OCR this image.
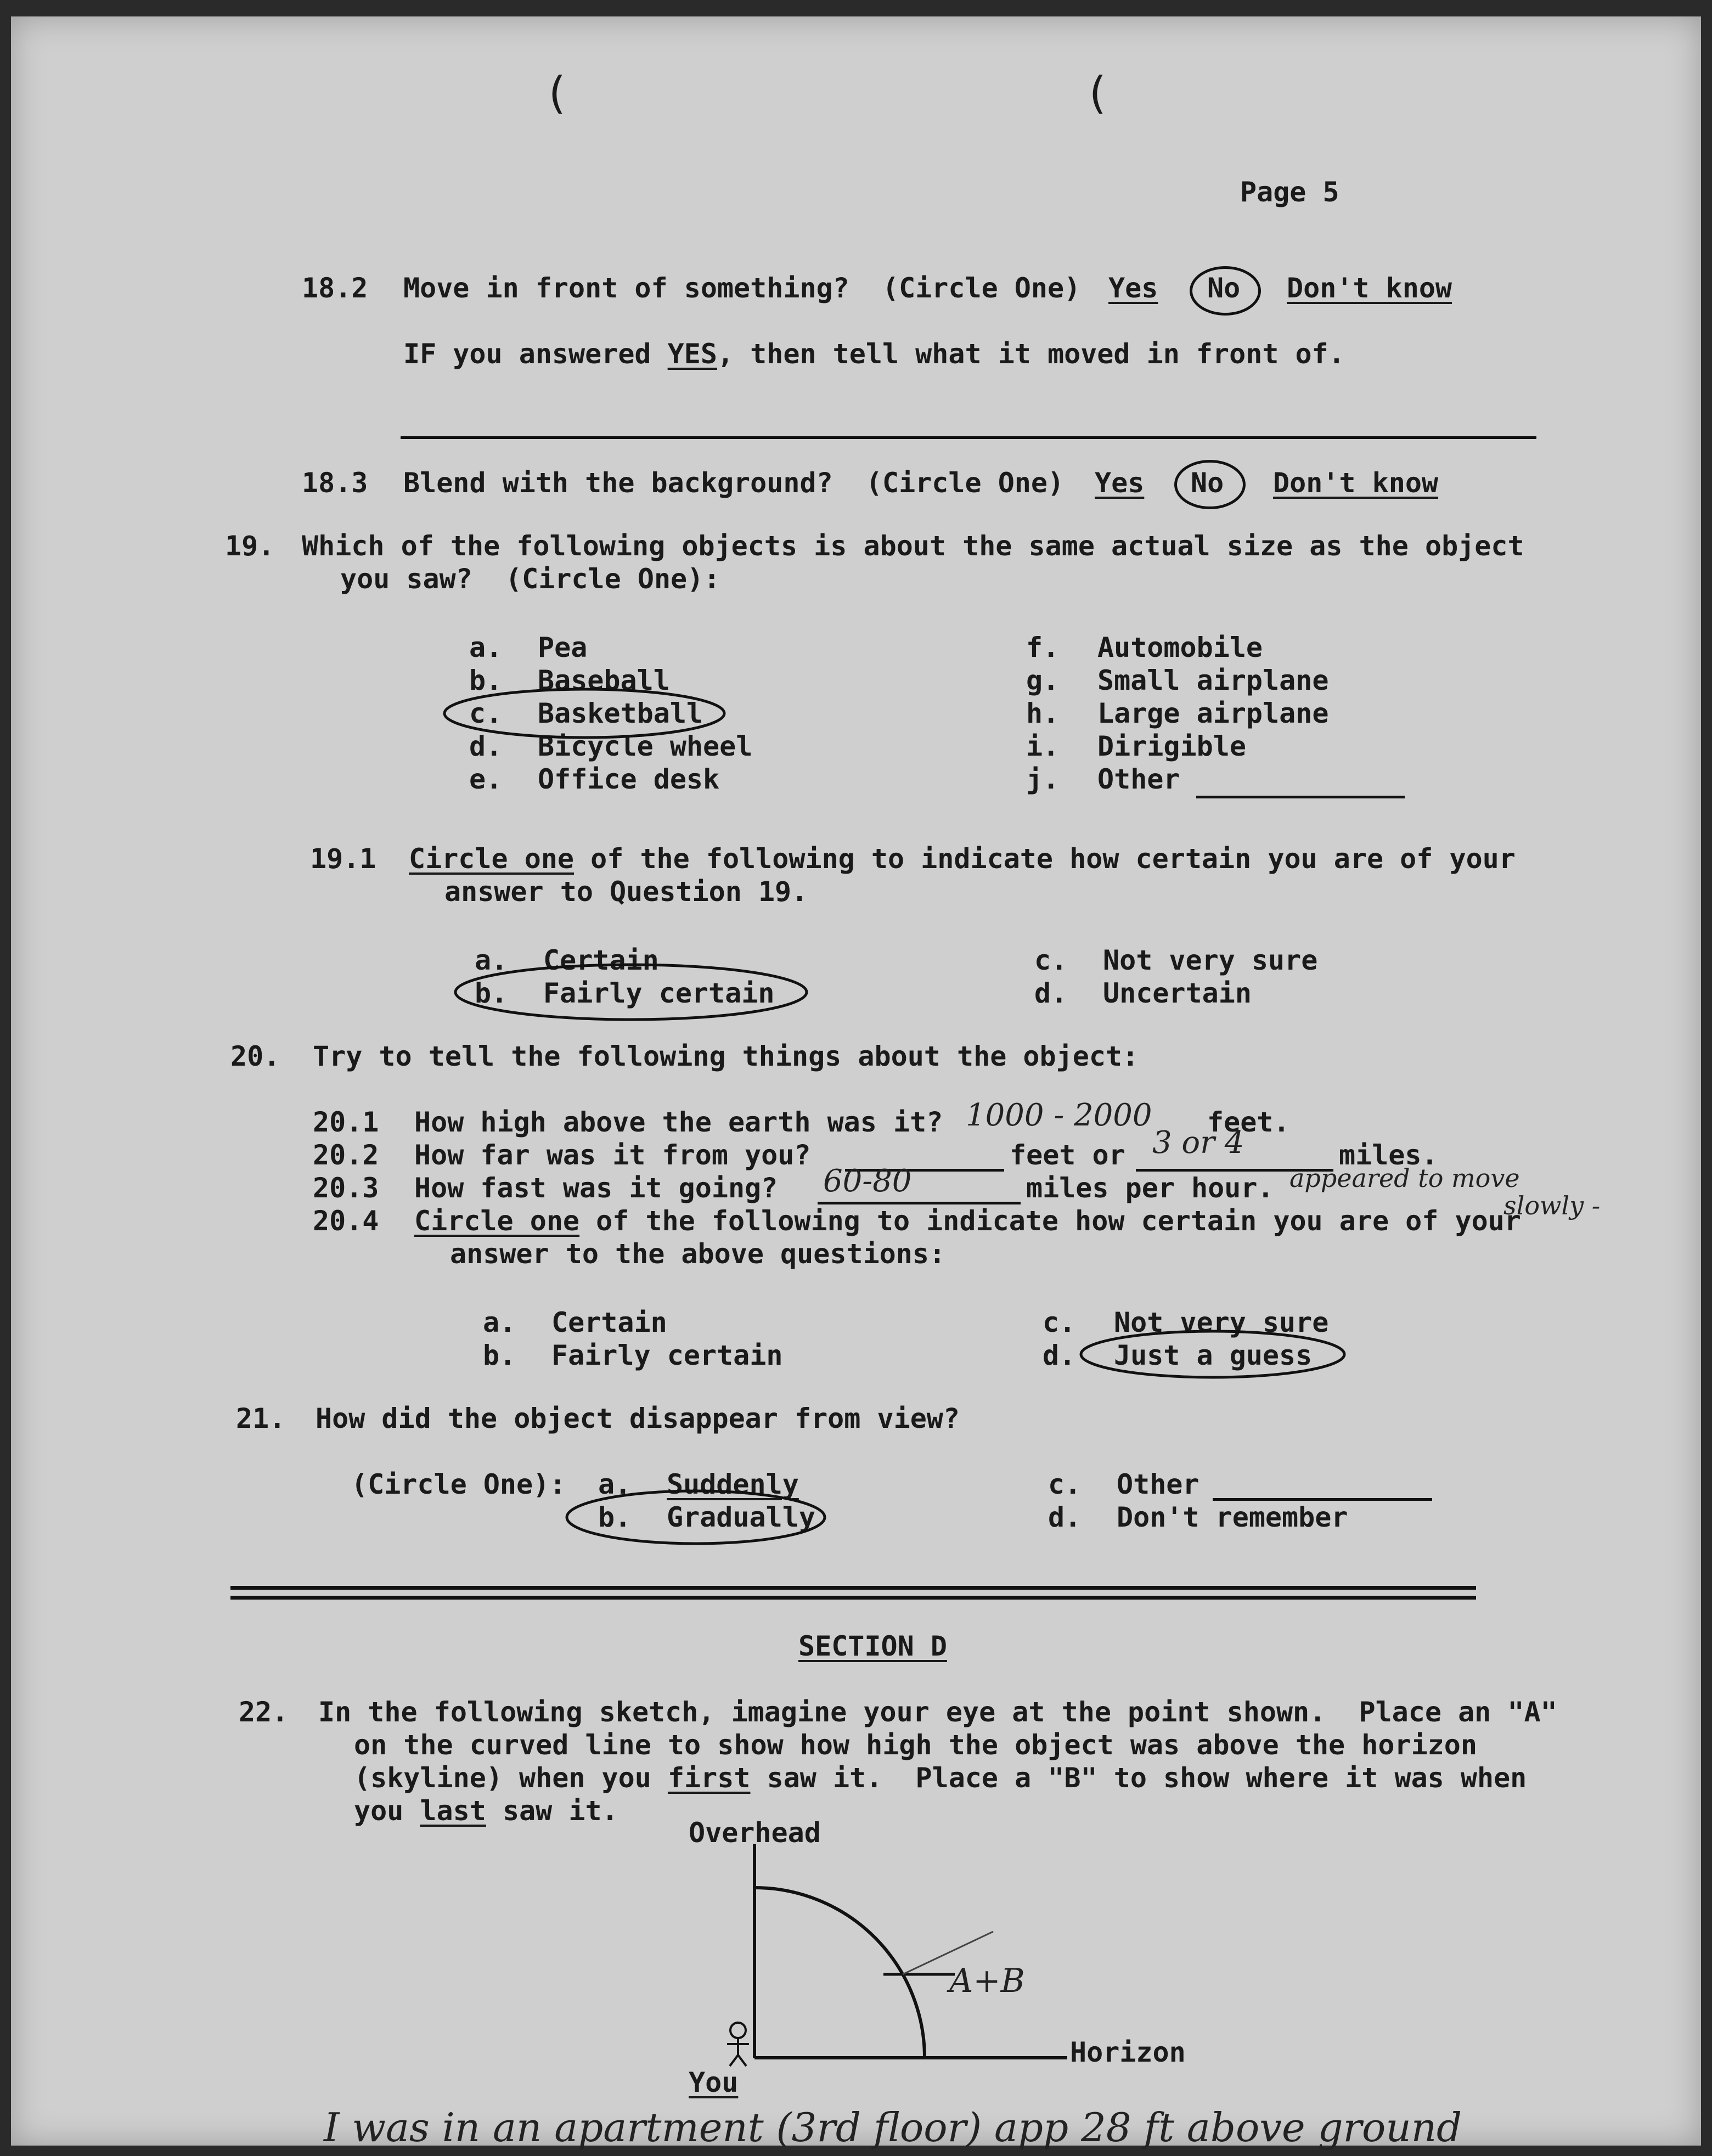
(	(
Page 5
18.2 Move in front of something?  (Circle One) Yes No Don't know
IF you answered YES, then tell what it moved in front of.
18.3 Blend with the background?  (Circle One) Yes No Don't know
19. Which of the following objects is about the same actual size as the object
you saw?  (Circle One):
a. Pea
b. Baseball
c. Basketball
d. Bicycle wheel
e. Office desk
f. Automobile
g. Small airplane
h. Large airplane
i. Dirigible
j. Other
19.1 Circle one of the following to indicate how certain you are of your
answer to Question 19.
a. Certain
b. Fairly certain
c. Not very sure
d. Uncertain
20. Try to tell the following things about the object:
20.1 How high above the earth was it? 1000 - 2000 feet.
20.2 How far was it from you?	feet or 3 or 4	miles.
20.3 How fast was it going? 60-80	miles per hour. appeared to move
slowly -
20.4 Circle one of the following to indicate how certain you are of your
answer to the above questions:
a. Certain
b. Fairly certain
c. Not very sure
d. Just a guess
21. How did the object disappear from view?
(Circle One): a. Suddenly
b. Gradually
c. Other
d. Don't remember
SECTION D
22. In the following sketch, imagine your eye at the point shown.  Place an "A"
on the curved line to show how high the object was above the horizon
(skyline) when you first saw it.  Place a "B" to show where it was when
you last saw it.
Overhead
Horizon
You
A+B
I was in an apartment (3rd floor) app 28 ft above ground
